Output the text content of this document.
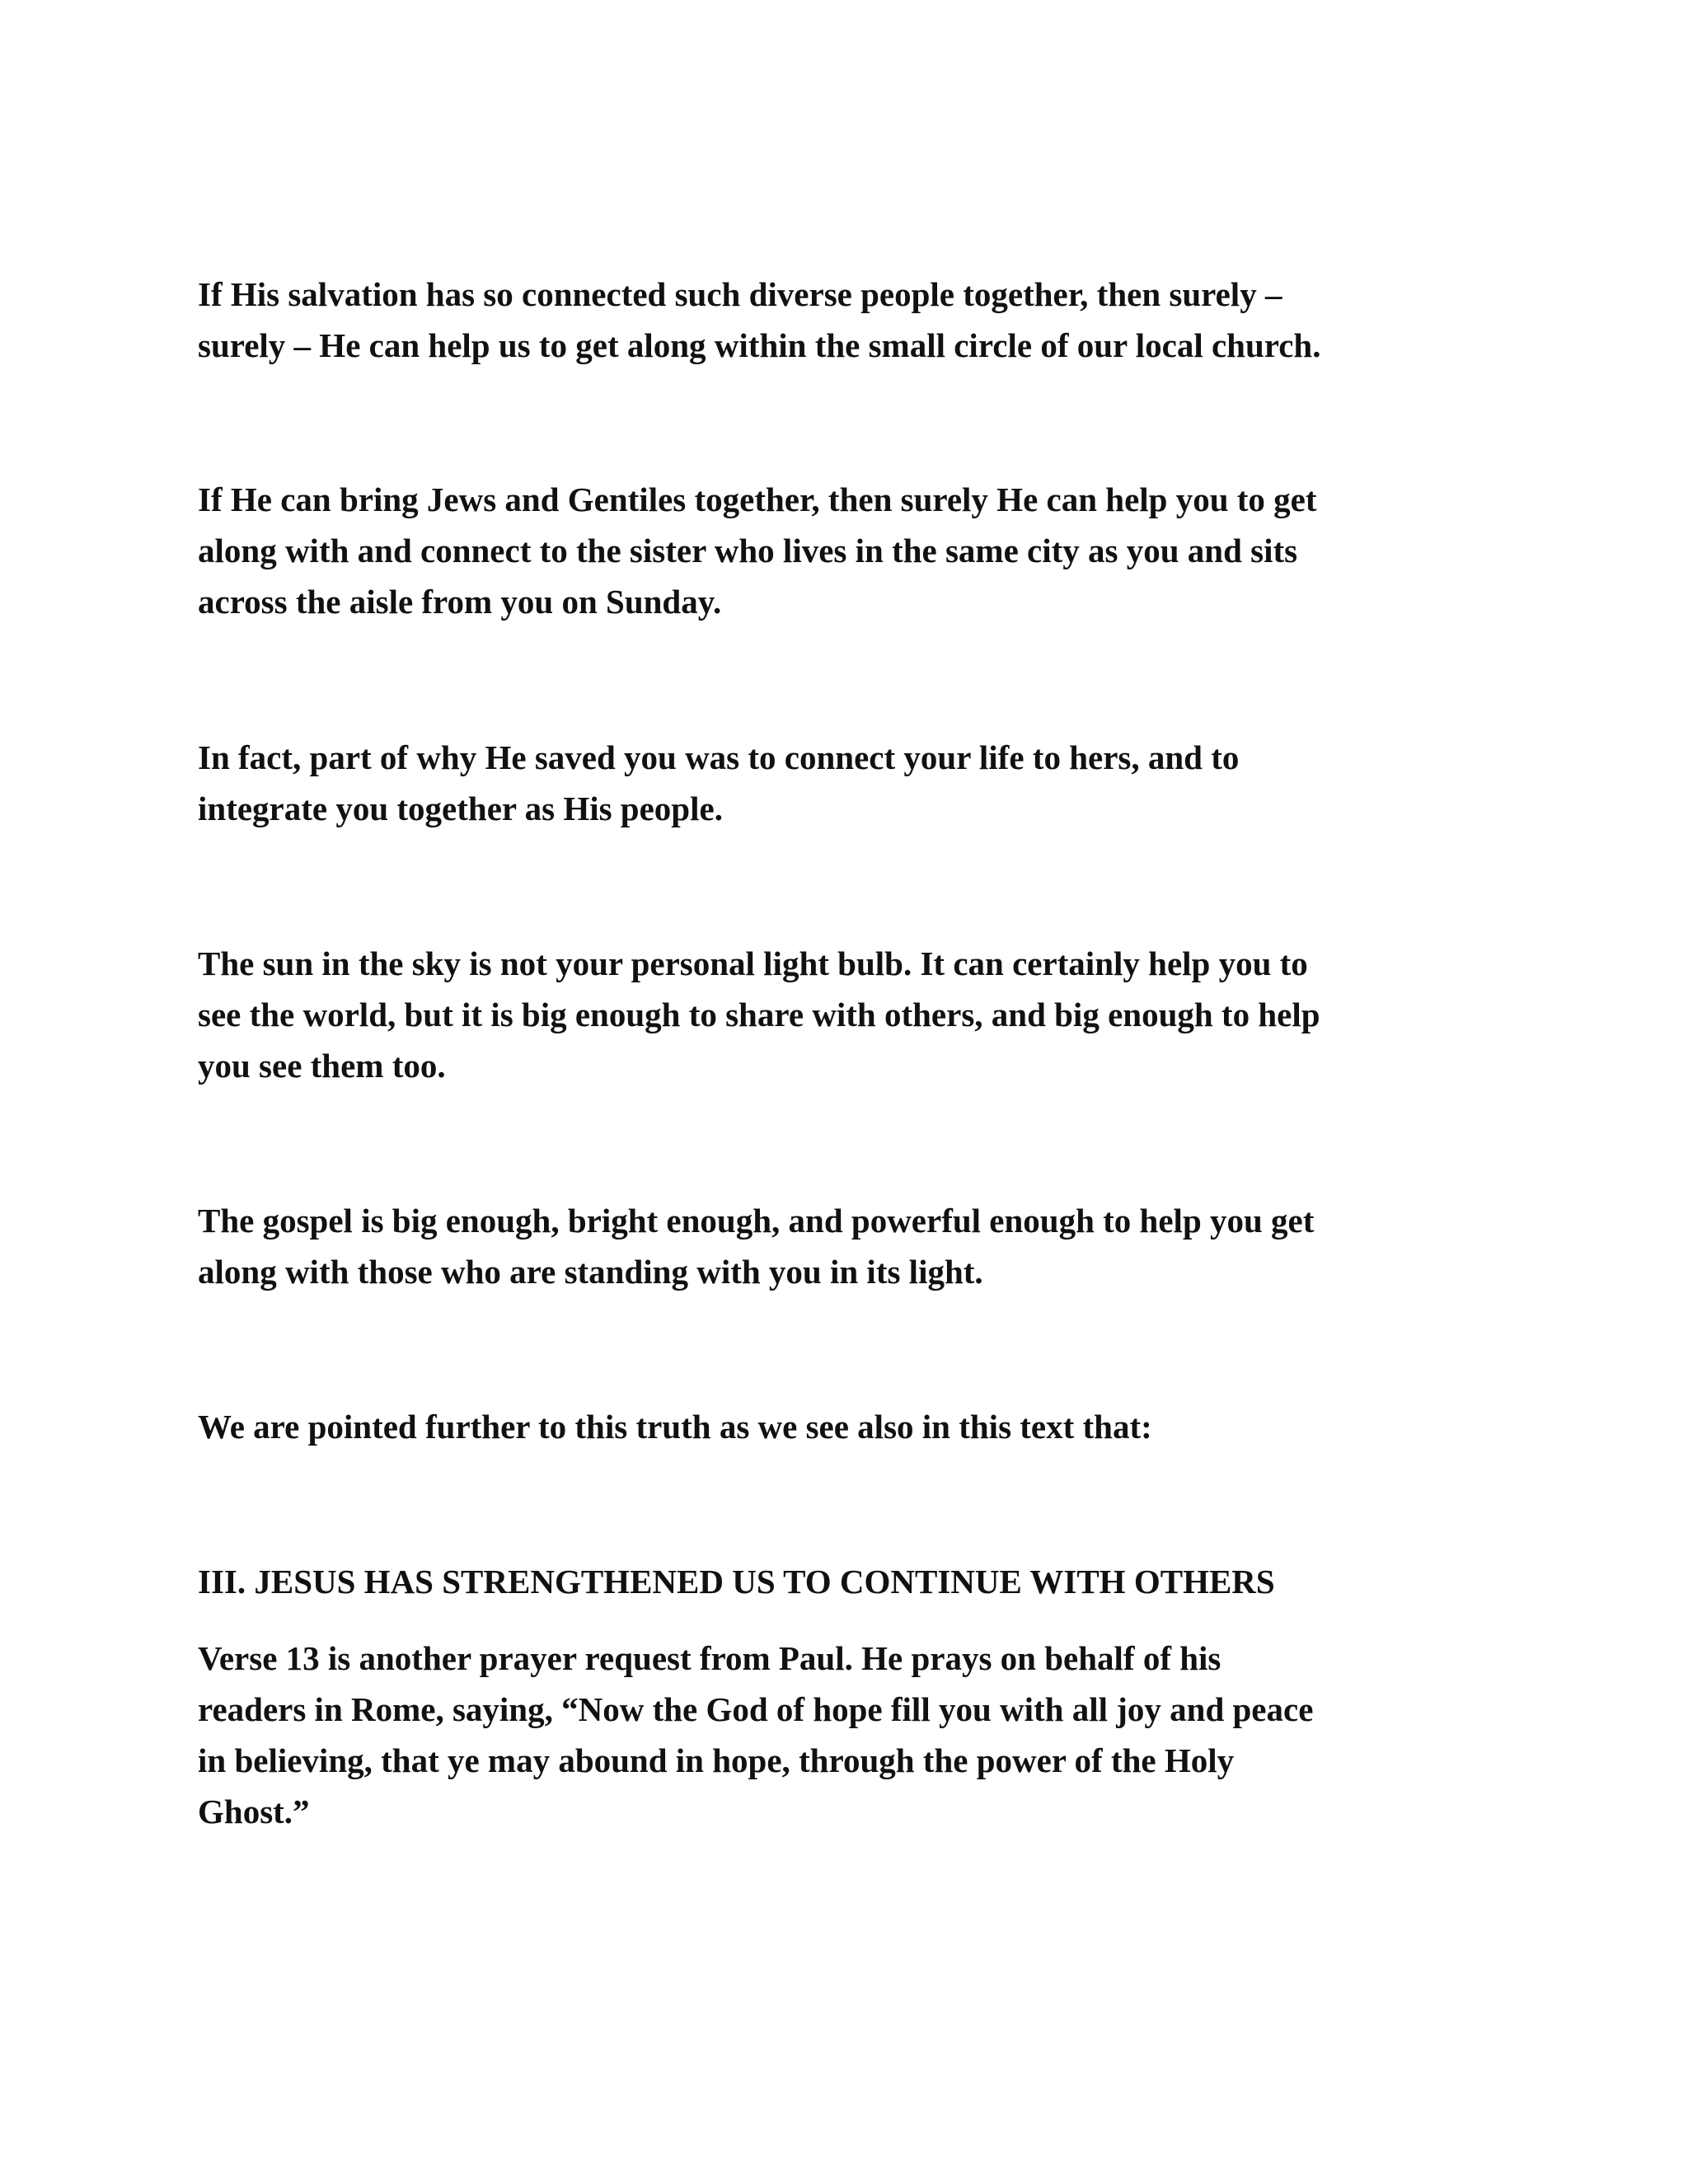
If His salvation has so connected such diverse people together, then surely –
surely – He can help us to get along within the small circle of our local church.
If He can bring Jews and Gentiles together, then surely He can help you to get
along with and connect to the sister who lives in the same city as you and sits
across the aisle from you on Sunday.
In fact, part of why He saved you was to connect your life to hers, and to
integrate you together as His people.
The sun in the sky is not your personal light bulb. It can certainly help you to
see the world, but it is big enough to share with others, and big enough to help
you see them too.
The gospel is big enough, bright enough, and powerful enough to help you get
along with those who are standing with you in its light.
We are pointed further to this truth as we see also in this text that:
III. JESUS HAS STRENGTHENED US TO CONTINUE WITH OTHERS
Verse 13 is another prayer request from Paul. He prays on behalf of his
readers in Rome, saying, “Now the God of hope fill you with all joy and peace
in believing, that ye may abound in hope, through the power of the Holy
Ghost.”
